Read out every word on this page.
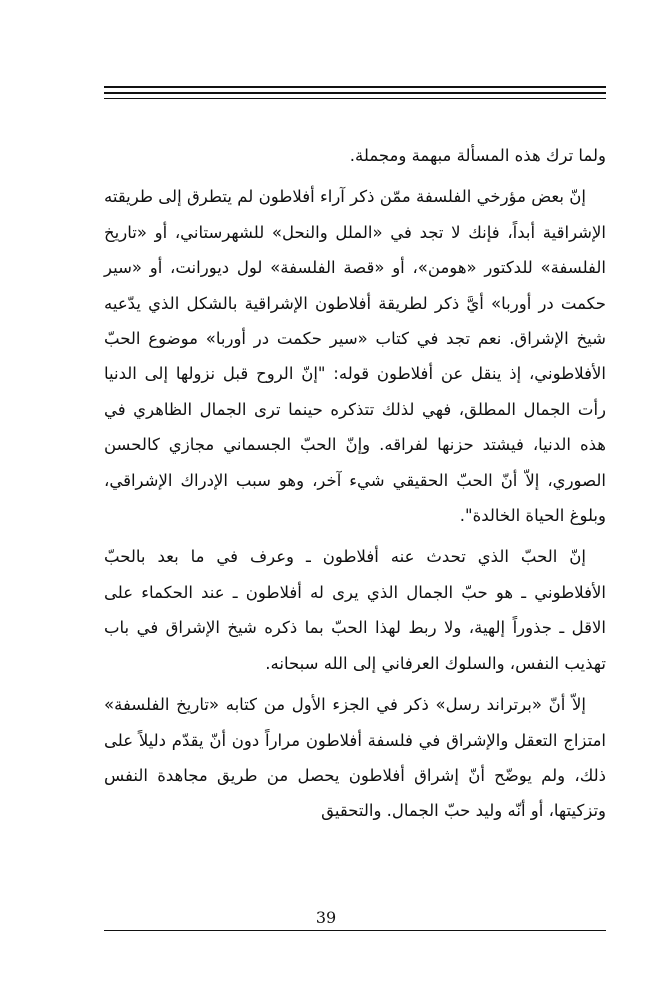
ولما ترك هذه المسألة مبهمة ومجملة.

إنّ بعض مؤرخي الفلسفة ممّن ذكر آراء أفلاطون لم يتطرق إلى طريقته الإشراقية أبداً، فإنك لا تجد في «الملل والنحل» للشهرستاني، أو «تاريخ الفلسفة» للدكتور «هومن»، أو «قصة الفلسفة» لول ديورانت، أو «سير حكمت در أوربا» أيَّ ذكر لطريقة أفلاطون الإشراقية بالشكل الذي يدّعيه شيخ الإشراق. نعم تجد في كتاب «سير حكمت در أوربا» موضوع الحبّ الأفلاطوني، إذ ينقل عن أفلاطون قوله: "إنّ الروح قبل نزولها إلى الدنيا رأت الجمال المطلق، فهي لذلك تتذكره حينما ترى الجمال الظاهري في هذه الدنيا، فيشتد حزنها لفراقه. وإنّ الحبّ الجسماني مجازي كالحسن الصوري، إلاّ أنّ الحبّ الحقيقي شيء آخر، وهو سبب الإدراك الإشراقي، وبلوغ الحياة الخالدة".

إنّ الحبّ الذي تحدث عنه أفلاطون ـ وعرف في ما بعد بالحبّ الأفلاطوني ـ هو حبّ الجمال الذي يرى له أفلاطون ـ عند الحكماء على الاقل ـ جذوراً إلهية، ولا ربط لهذا الحبّ بما ذكره شيخ الإشراق في باب تهذيب النفس، والسلوك العرفاني إلى الله سبحانه.

إلاّ أنّ «برتراند رسل» ذكر في الجزء الأول من كتابه «تاريخ الفلسفة» امتزاج التعقل والإشراق في فلسفة أفلاطون مراراً دون أنّ يقدّم دليلاً على ذلك، ولم يوضّح أنّ إشراق أفلاطون يحصل من طريق مجاهدة النفس وتزكيتها، أو أنّه وليد حبّ الجمال. والتحقيق

39
